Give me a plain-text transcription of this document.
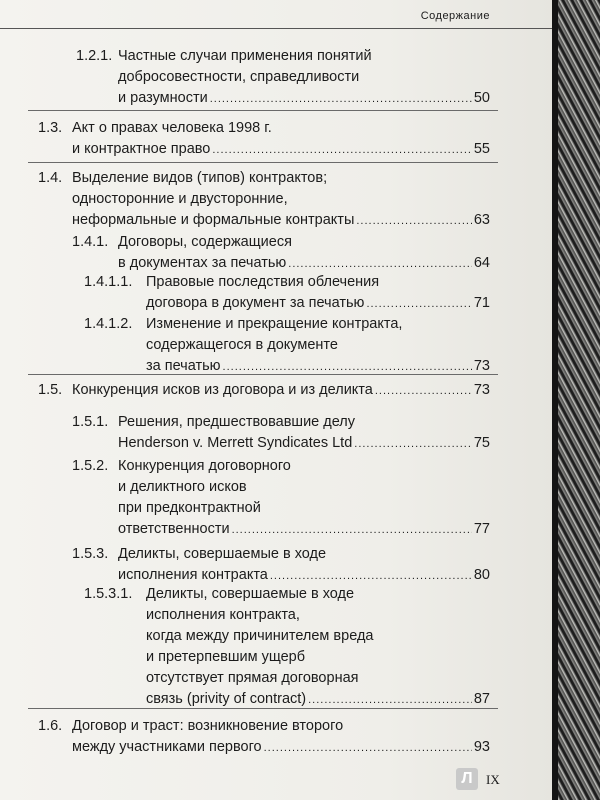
Содержание
1.2.1. Частные случаи применения понятий
добросовестности, справедливости
и разумности .....	50
1.3. Акт о правах человека 1998 г.
и контрактное право .....	55
1.4. Выделение видов (типов) контрактов;
односторонние и двусторонние,
неформальные и формальные контракты .....	63
1.4.1. Договоры, содержащиеся
в документах за печатью .....	64
1.4.1.1. Правовые последствия облечения
договора в документ за печатью .....	71
1.4.1.2. Изменение и прекращение контракта,
содержащегося в документе
за печатью .....	73
1.5. Конкуренция исков из договора и из деликта .....	73
1.5.1. Решения, предшествовавшие делу
Henderson v. Merrett Syndicates Ltd .....	75
1.5.2. Конкуренция договорного
и деликтного исков
при предконтрактной
ответственности .....	77
1.5.3. Деликты, совершаемые в ходе
исполнения контракта .....	80
1.5.3.1. Деликты, совершаемые в ходе
исполнения контракта,
когда между причинителем вреда
и претерпевшим ущерб
отсутствует прямая договорная
связь (privity of contract) .....	87
1.6. Договор и траст: возникновение второго
между участниками первого .....	93
Л	IX
